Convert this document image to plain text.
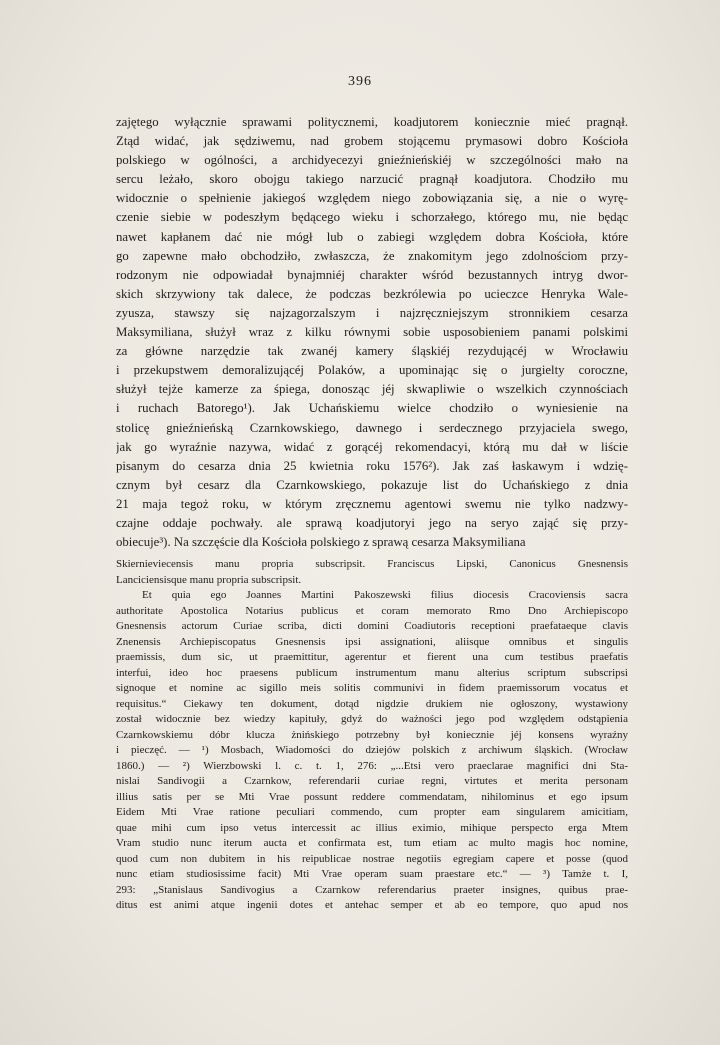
396
zajętego wyłącznie sprawami politycznemi, koadjutorem koniecznie mieć pragnął.
Ztąd widać, jak sędziwemu, nad grobem stojącemu prymasowi dobro Kościoła
polskiego w ogólności, a archidyecezyi gnieźnieńskiéj w szczególności mało na
sercu leżało, skoro obojgu takiego narzucić pragnął koadjutora. Chodziło mu
widocznie o spełnienie jakiegoś względem niego zobowiązania się, a nie o wyrę-
czenie siebie w podeszłym będącego wieku i schorzałego, którego mu, nie będąc
nawet kapłanem dać nie mógł lub o zabiegi względem dobra Kościoła, które
go zapewne mało obchodziło, zwłaszcza, że znakomitym jego zdolnościom przy-
rodzonym nie odpowiadał bynajmniéj charakter wśród bezustannych intryg dwor-
skich skrzywiony tak dalece, że podczas bezkrólewia po ucieczce Henryka Wale-
zyusza, stawszy się najzagorzalszym i najzręczniejszym stronnikiem cesarza
Maksymiliana, służył wraz z kilku równymi sobie usposobieniem panami polskimi
za główne narzędzie tak zwanéj kamery śląskiéj rezydującéj w Wrocławiu
i przekupstwem demoralizującéj Polaków, a upominając się o jurgielty coroczne,
służył tejże kamerze za śpiega, donosząc jéj skwapliwie o wszelkich czynnościach
i ruchach Batorego¹). Jak Uchańskiemu wielce chodziło o wyniesienie na
stolicę gnieźnieńską Czarnkowskiego, dawnego i serdecznego przyjaciela swego,
jak go wyraźnie nazywa, widać z gorącéj rekomendacyi, którą mu dał w liście
pisanym do cesarza dnia 25 kwietnia roku 1576²). Jak zaś łaskawym i wdzię-
cznym był cesarz dla Czarnkowskiego, pokazuje list do Uchańskiego z dnia
21 maja tegoż roku, w którym zręcznemu agentowi swemu nie tylko nadzwy-
czajne oddaje pochwały. ale sprawą koadjutoryi jego na seryo zająć się przy-
obiecuje³). Na szczęście dla Kościoła polskiego z sprawą cesarza Maksymiliana
Skiernieviecensis manu propria subscripsit. Franciscus Lipski, Canonicus Gnesnensis
Lanciciensisque manu propria subscripsit.
Et quia ego Joannes Martini Pakoszewski filius diocesis Cracoviensis sacra
authoritate Apostolica Notarius publicus et coram memorato Rmo Dno Archiepiscopo
Gnesnensis actorum Curiae scriba, dicti domini Coadiutoris receptioni praefataeque clavis
Znenensis Archiepiscopatus Gnesnensis ipsi assignationi, aliisque omnibus et singulis
praemissis, dum sic, ut praemittitur, agerentur et fierent una cum testibus praefatis
interfui, ideo hoc praesens publicum instrumentum manu alterius scriptum subscripsi
signoque et nomine ac sigillo meis solitis communivi in fidem praemissorum vocatus et
requisitus.“ Ciekawy ten dokument, dotąd nigdzie drukiem nie ogłoszony, wystawiony
został widocznie bez wiedzy kapituły, gdyż do ważności jego pod względem odstąpienia
Czarnkowskiemu dóbr klucza żnińskiego potrzebny był koniecznie jéj konsens wyraźny
i pieczęć. — ¹) Mosbach, Wiadomości do dziejów polskich z archiwum śląskich. (Wrocław
1860.) — ²) Wierzbowski l. c. t. 1, 276: „...Etsi vero praeclarae magnifici dni Sta-
nislai Sandivogii a Czarnkow, referendarii curiae regni, virtutes et merita personam
illius satis per se Mti Vrae possunt reddere commendatam, nihilominus et ego ipsum
Eidem Mti Vrae ratione peculiari commendo, cum propter eam singularem amicitiam,
quae mihi cum ipso vetus intercessit ac illius eximio, mihique perspecto erga Mtem
Vram studio nunc iterum aucta et confirmata est, tum etiam ac multo magis hoc nomine,
quod cum non dubitem in his reipublicae nostrae negotiis egregiam capere et posse (quod
nunc etiam studiosissime facit) Mti Vrae operam suam praestare etc.“ — ³) Tamże t. I,
293: „Stanislaus Sandivogius a Czarnkow referendarius praeter insignes, quibus prae-
ditus est animi atque ingenii dotes et antehac semper et ab eo tempore, quo apud nos
